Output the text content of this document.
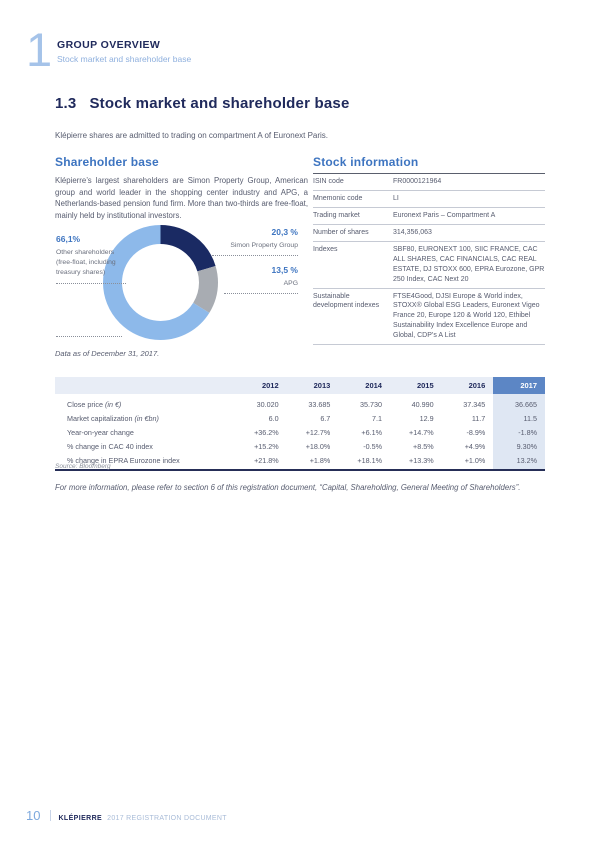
1 GROUP OVERVIEW
Stock market and shareholder base
1.3 Stock market and shareholder base

Klépierre shares are admitted to trading on compartment A of Euronext Paris.

Shareholder base

Klépierre’s largest shareholders are Simon Property Group, American group and world leader in the shopping center industry and APG, a Netherlands-based pension fund firm. More than two-thirds are free-float, mainly held by institutional investors.

66,1%
Other shareholders (free-float, including treasury shares)
20,3 %
Simon Property Group
13,5 %
APG

Data as of December 31, 2017.

Stock information
ISIN code	FR0000121964
Mnemonic code	LI
Trading market	Euronext Paris – Compartment A
Number of shares	314,356,063
Indexes	SBF80, EURONEXT 100, SIIC FRANCE, CAC ALL SHARES, CAC FINANCIALS, CAC REAL ESTATE, DJ STOXX 600, EPRA Eurozone, GPR 250 Index, CAC Next 20
Sustainable development indexes	FTSE4Good, DJSI Europe & World index, STOXX® Global ESG Leaders, Euronext Vigeo France 20, Europe 120 & World 120, Ethibel Sustainability Index Excellence Europe and Global, CDP’s A List
	2012	2013	2014	2015	2016	2017
Close price (in €)	30.020	33.685	35.730	40.990	37.345	36.665
Market capitalization (in €bn)	6.0	6.7	7.1	12.9	11.7	11.5
Year-on-year change	+36.2%	+12.7%	+6.1%	+14.7%	-8.9%	-1.8%
% change in CAC 40 index	+15.2%	+18.0%	-0.5%	+8.5%	+4.9%	9.30%
% change in EPRA Eurozone index	+21.8%	+1.8%	+18.1%	+13.3%	+1.0%	13.2%

Source: Bloomberg

For more information, please refer to section 6 of this registration document, “Capital, Shareholding, General Meeting of Shareholders”.

10	KLÉPIERRE 2017 REGISTRATION DOCUMENT
